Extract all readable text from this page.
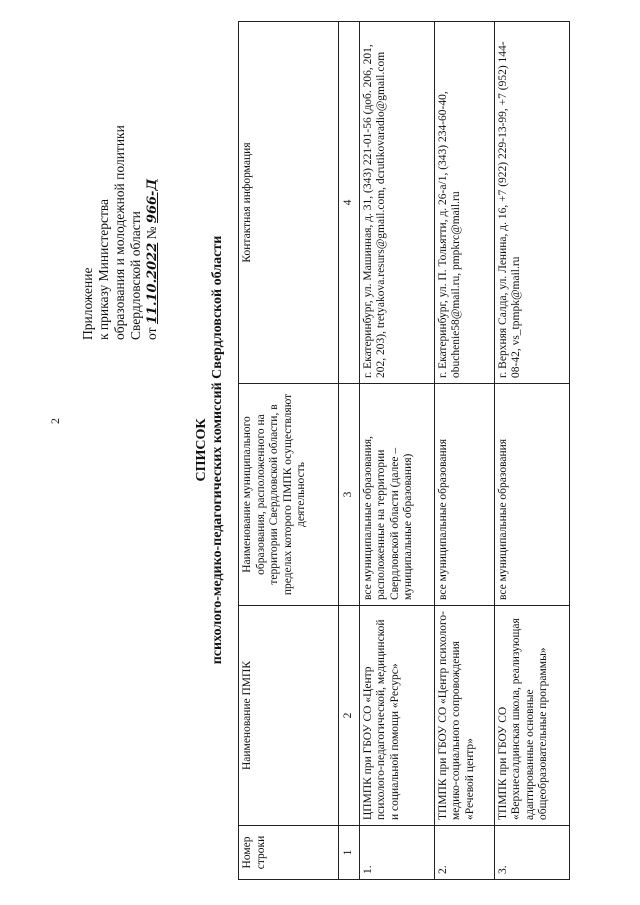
2
Приложение к приказу Министерства образования и молодежной политики Свердловской области от 11.10.2022 № 966-Д
СПИСОК психолого-медико-педагогических комиссий Свердловской области
Номер строки	Наименование ПМПК	Наименование муниципального образования, расположенного на территории Свердловской области, в пределах которого ПМПК осуществляют деятельность	Контактная информация
1	2	3	4
1.	ЦПМПК при ГБОУ СО «Центр психолого-педагогической, медицинской и социальной помощи «Ресурс»	все муниципальные образования, расположенные на территории Свердловской области (далее – муниципальные образования)	г. Екатеринбург, ул. Машинная, д. 31, (343) 221-01-56 (доб. 206, 201, 202, 203), tretyakova.resurs@gmail.com, dcrutikovaradio@gmail.com
2.	ТПМПК при ГБОУ СО «Центр психолого-медико-социального сопровождения «Речевой центр»	все муниципальные образования	г. Екатеринбург, ул. П. Тольятти, д. 26-а/1, (343) 234-60-40, obuchenie58@mail.ru, pmpkrc@mail.ru
3.	ТПМПК при ГБОУ СО «Верхнесалдинская школа, реализующая адаптированные основные общеобразовательные программы»	все муниципальные образования	г. Верхняя Салда, ул. Ленина, д. 16, +7 (922) 229-13-99, +7 (952) 144-08-42, vs_tpmpk@mail.ru
